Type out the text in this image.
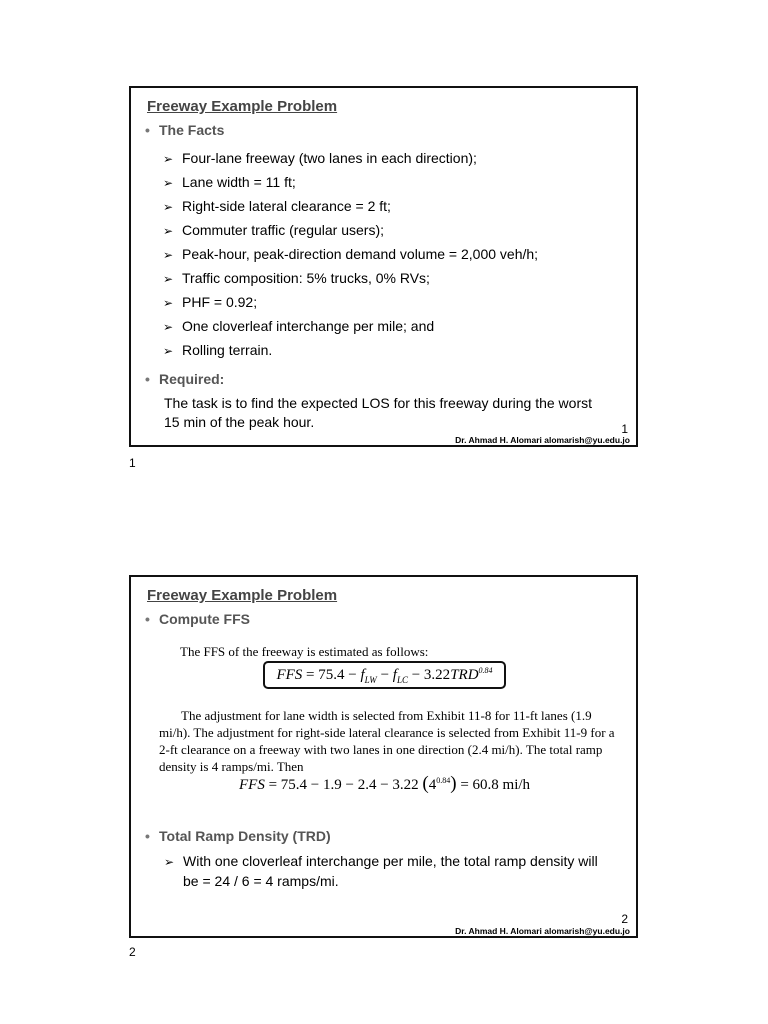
Freeway Example Problem
• The Facts
➢ Four-lane freeway (two lanes in each direction);
➢ Lane width = 11 ft;
➢ Right-side lateral clearance = 2 ft;
➢ Commuter traffic (regular users);
➢ Peak-hour, peak-direction demand volume = 2,000 veh/h;
➢ Traffic composition: 5% trucks, 0% RVs;
➢ PHF = 0.92;
➢ One cloverleaf interchange per mile; and
➢ Rolling terrain.
• Required:
The task is to find the expected LOS for this freeway during the worst
15 min of the peak hour.	1
Dr. Ahmad H. Alomari alomarish@yu.edu.jo
1
Freeway Example Problem
• Compute FFS
The FFS of the freeway is estimated as follows:
FFS = $75.4 - f_{LW} - f_{LC} - 3.22TRD^{0.84}$
The adjustment for lane width is selected from Exhibit 11-8 for 11-ft lanes (1.9 mi/h). The adjustment for right-side lateral clearance is selected from Exhibit 11-9 for a 2-ft clearance on a freeway with two lanes in one direction (2.4 mi/h). The total ramp density is 4 ramps/mi. Then
FFS = 75.4 − 1.9 − 2.4 − 3.22 $(4^{0.84}) = 60.8$ mi/h
• Total Ramp Density (TRD)
➢ With one cloverleaf interchange per mile, the total ramp density will
be = 24 / 6 = 4 ramps/mi.
2
Dr. Ahmad H. Alomari alomarish@yu.edu.jo
2
